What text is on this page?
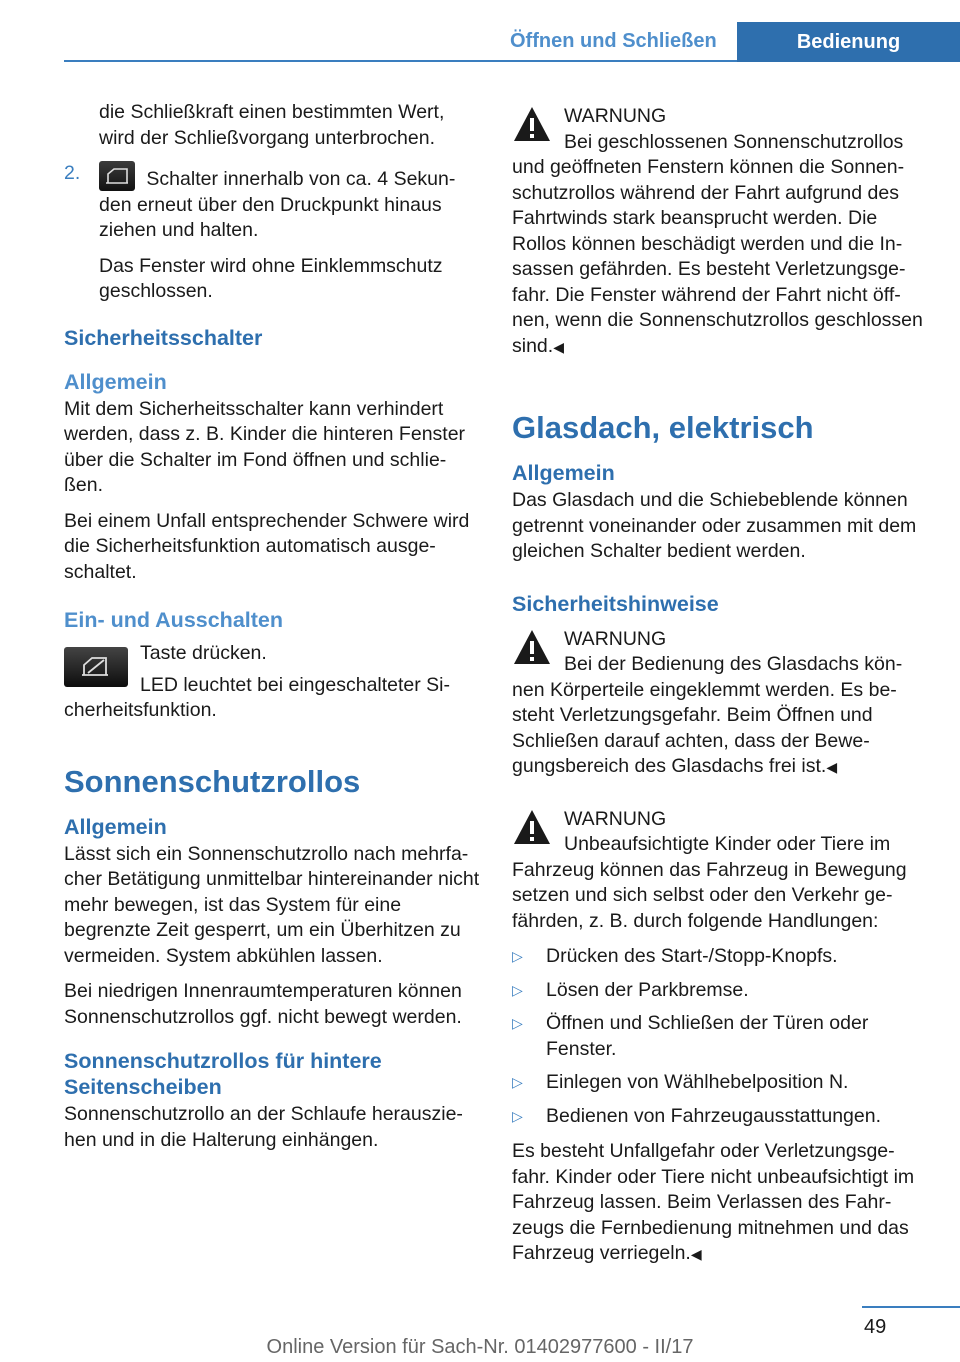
Öffnen und Schließen	Bedienung

die Schließkraft einen bestimmten Wert, wird der Schließvorgang unterbrochen.

2.	Schalter innerhalb von ca. 4 Sekun-den erneut über den Druckpunkt hinaus ziehen und halten.

Das Fenster wird ohne Einklemmschutz geschlossen.

Sicherheitsschalter
Allgemein

Mit dem Sicherheitsschalter kann verhindert werden, dass z. B. Kinder die hinteren Fenster über die Schalter im Fond öffnen und schlie-ßen.

Bei einem Unfall entsprechender Schwere wird die Sicherheitsfunktion automatisch ausge-schaltet.

Ein- und Ausschalten

Taste drücken.

LED leuchtet bei eingeschalteter Si-cherheitsfunktion.

Sonnenschutzrollos
Allgemein

Lässt sich ein Sonnenschutzrollo nach mehrfa-cher Betätigung unmittelbar hintereinander nicht mehr bewegen, ist das System für eine begrenzte Zeit gesperrt, um ein Überhitzen zu vermeiden. System abkühlen lassen.

Bei niedrigen Innenraumtemperaturen können Sonnenschutzrollos ggf. nicht bewegt werden.

Sonnenschutzrollos für hintere Seitenscheiben

Sonnenschutzrollo an der Schlaufe herauszie-hen und in die Halterung einhängen.

WARNUNG
Bei geschlossenen Sonnenschutzrollos

und geöffneten Fenstern können die Sonnen-schutzrollos während der Fahrt aufgrund des Fahrtwinds stark beansprucht werden. Die Rollos können beschädigt werden und die In-sassen gefährden. Es besteht Verletzungsge-fahr. Die Fenster während der Fahrt nicht öff-nen, wenn die Sonnenschutzrollos geschlossen sind.◀

Glasdach, elektrisch
Allgemein

Das Glasdach und die Schiebeblende können getrennt voneinander oder zusammen mit dem gleichen Schalter bedient werden.

Sicherheitshinweise
WARNUNG
Bei der Bedienung des Glasdachs kön-

nen Körperteile eingeklemmt werden. Es be-steht Verletzungsgefahr. Beim Öffnen und Schließen darauf achten, dass der Bewe-gungsbereich des Glasdachs frei ist.◀

WARNUNG
Unbeaufsichtigte Kinder oder Tiere im

Fahrzeug können das Fahrzeug in Bewegung setzen und sich selbst oder den Verkehr ge-fährden, z. B. durch folgende Handlungen:

▷ Drücken des Start-/Stopp-Knopfs.
▷ Lösen der Parkbremse.
▷ Öffnen und Schließen der Türen oder Fenster.
▷ Einlegen von Wählhebelposition N.
▷ Bedienen von Fahrzeugausstattungen.

Es besteht Unfallgefahr oder Verletzungsge-fahr. Kinder oder Tiere nicht unbeaufsichtigt im Fahrzeug lassen. Beim Verlassen des Fahr-zeugs die Fernbedienung mitnehmen und das Fahrzeug verriegeln.◀

49
Online Version für Sach-Nr. 01402977600 - II/17
